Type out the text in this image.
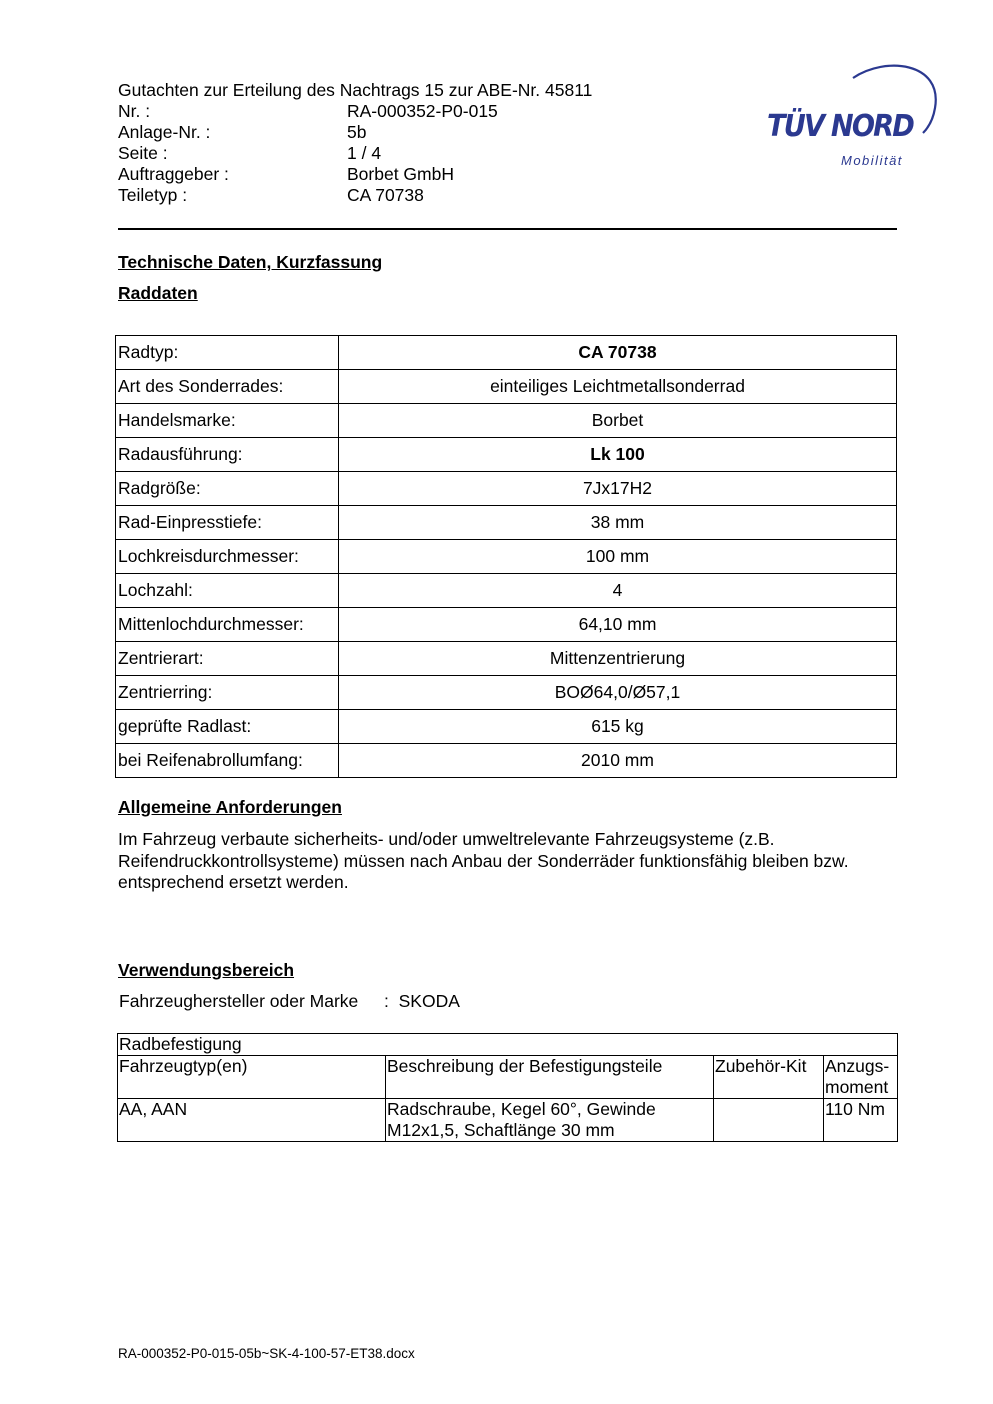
Gutachten zur Erteilung des Nachtrags 15 zur ABE-Nr. 45811
Nr. :	RA-000352-P0-015
Anlage-Nr. :	5b
Seite :	1 / 4
Auftraggeber :	Borbet GmbH
Teiletyp :	CA 70738
TÜV NORD
Mobilität
Technische Daten, Kurzfassung
Raddaten
Radtyp:	CA 70738
Art des Sonderrades:	einteiliges Leichtmetallsonderrad
Handelsmarke:	Borbet
Radausführung:	Lk 100
Radgröße:	7Jx17H2
Rad-Einpresstiefe:	38 mm
Lochkreisdurchmesser:	100 mm
Lochzahl:	4
Mittenlochdurchmesser:	64,10 mm
Zentrierart:	Mittenzentrierung
Zentrierring:	BOØ64,0/Ø57,1
geprüfte Radlast:	615 kg
bei Reifenabrollumfang:	2010 mm
Allgemeine Anforderungen
Im Fahrzeug verbaute sicherheits- und/oder umweltrelevante Fahrzeugsysteme (z.B. Reifendruckkontrollsysteme) müssen nach Anbau der Sonderräder funktionsfähig bleiben bzw. entsprechend ersetzt werden.
Verwendungsbereich
Fahrzeughersteller oder Marke : SKODA
Radbefestigung			
Fahrzeugtyp(en)	Beschreibung der Befestigungsteile	Zubehör-Kit	Anzugs-
moment

AA, AAN	Radschraube, Kegel 60°, Gewinde
M12x1,5, Schaftlänge 30 mm		110 Nm
RA-000352-P0-015-05b~SK-4-100-57-ET38.docx
